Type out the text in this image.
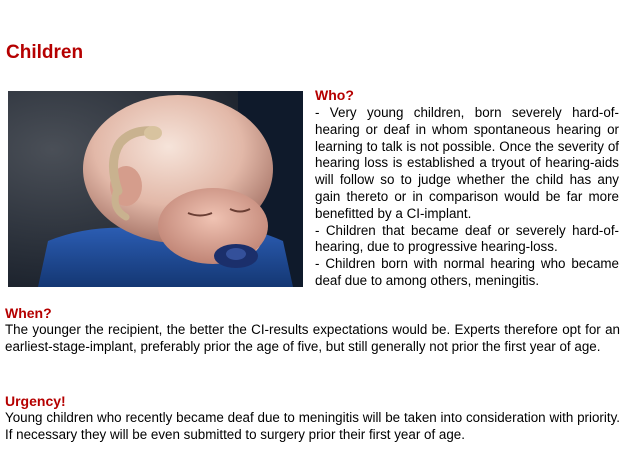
Children
Who?

- Very young children, born severely hard-of-hearing or deaf in whom spontaneous hearing or learning to talk is not possible. Once the severity of hearing loss is established a tryout of hearing-aids will follow so to judge whether the child has any gain thereto or in comparison would be far more benefitted by a CI-implant.

- Children that became deaf or severely hard-of-hearing, due to progressive hearing-loss.

- Children born with normal hearing who became deaf due to among others, meningitis.

When?

The younger the recipient, the better the CI-results expectations would be. Experts therefore opt for an earliest-stage-implant, preferably prior the age of five, but still generally not prior the first year of age.

Urgency!

Young children who recently became deaf due to meningitis will be taken into consideration with priority. If necessary they will be even submitted to surgery prior their first year of age.
